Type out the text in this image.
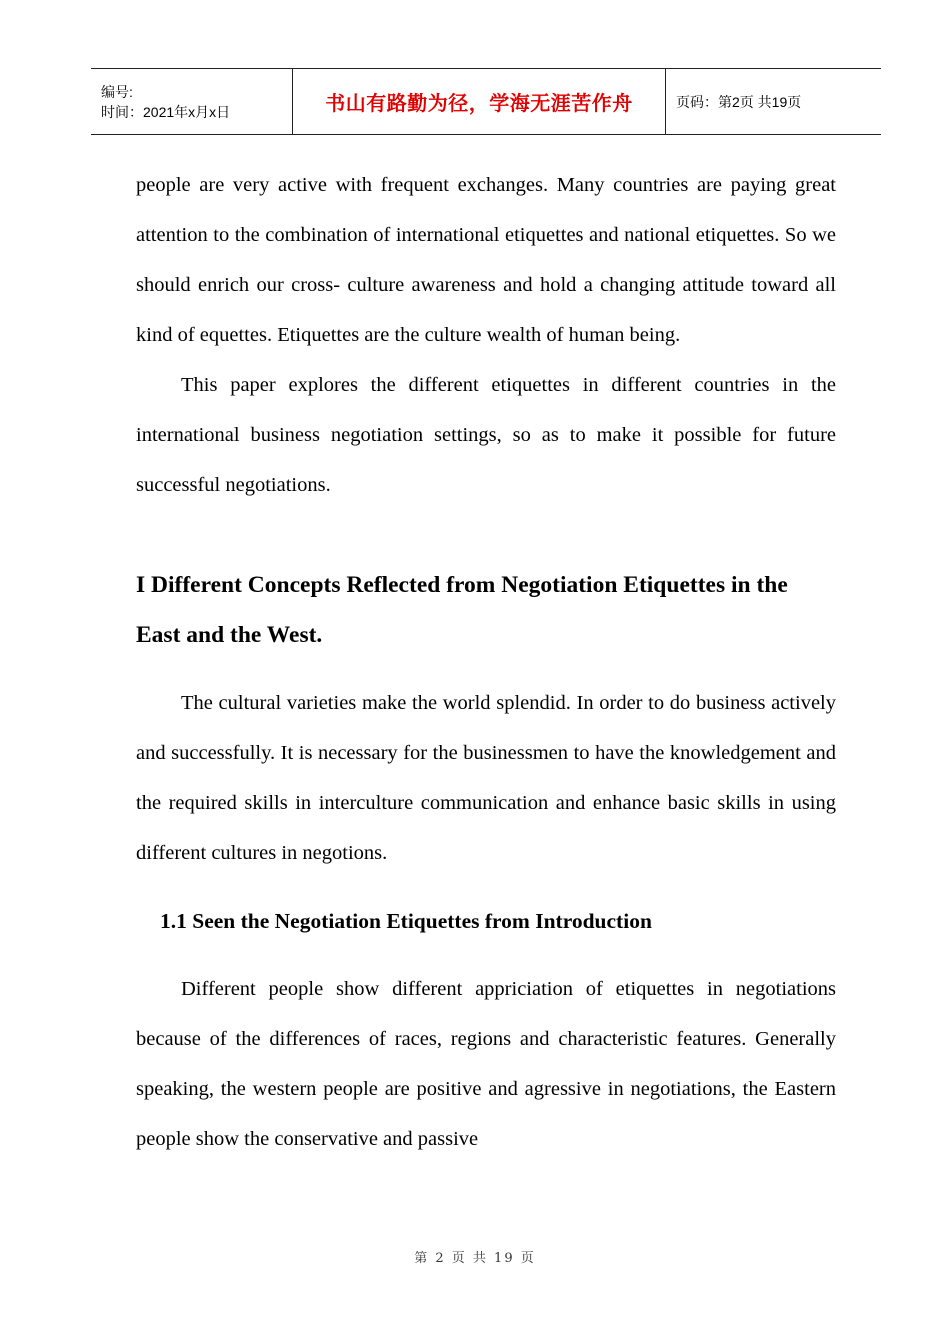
编号:
时间：2021年x月x日	书山有路勤为径，学海无涯苦作舟	页码：第2页 共19页

people are very active with frequent exchanges. Many countries are paying great attention to the combination of international etiquettes and national etiquettes. So we should enrich our cross- culture awareness and hold a changing attitude toward all kind of equettes. Etiquettes are the culture wealth of human being.

This paper explores the different etiquettes in different countries in the international business negotiation settings, so as to make it possible for future successful negotiations.

I Different Concepts Reflected from Negotiation Etiquettes in the East and the West.

The cultural varieties make the world splendid. In order to do business actively and successfully. It is necessary for the businessmen to have the knowledgement and the required skills in interculture communication and enhance basic skills in using different cultures in negotions.

1.1 Seen the Negotiation Etiquettes from Introduction

Different people show different appriciation of etiquettes in negotiations because of the differences of races, regions and characteristic features. Generally speaking, the western people are positive and agressive in negotiations, the Eastern people show the conservative and passive

第 2 页 共 19 页
